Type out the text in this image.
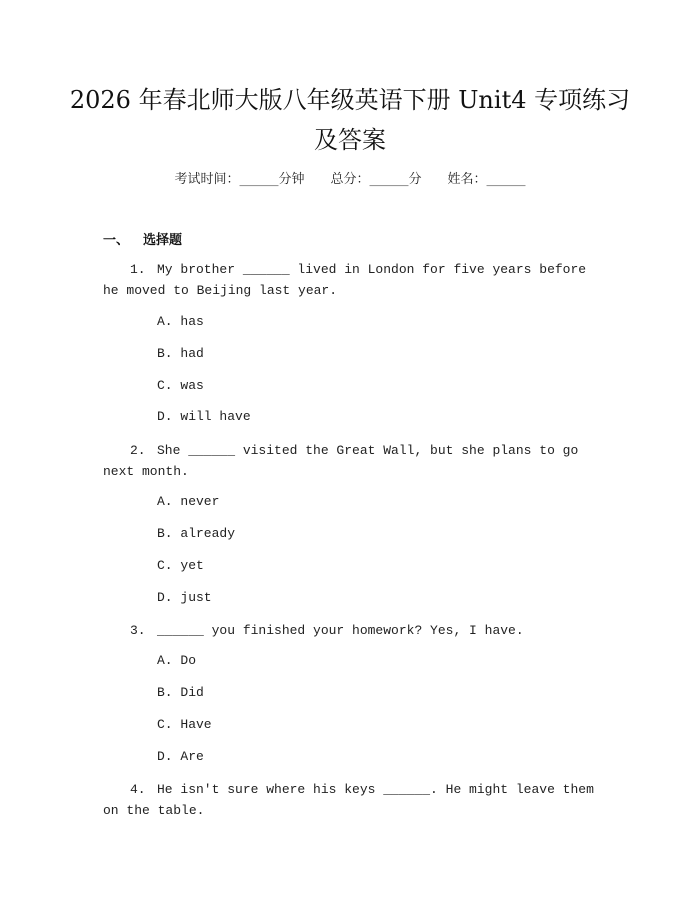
2026 年春北师大版八年级英语下册 Unit4 专项练习及答案
考试时间：______分钟 总分：______分 姓名：______
一、 选择题
1. My brother ______ lived in London for five years before he moved to Beijing last year.
A. has
B. had
C. was
D. will have
2. She ______ visited the Great Wall, but she plans to go next month.
A. never
B. already
C. yet
D. just
3. ______ you finished your homework? Yes, I have.
A. Do
B. Did
C. Have
D. Are
4. He isn't sure where his keys ______. He might leave them on the table.
